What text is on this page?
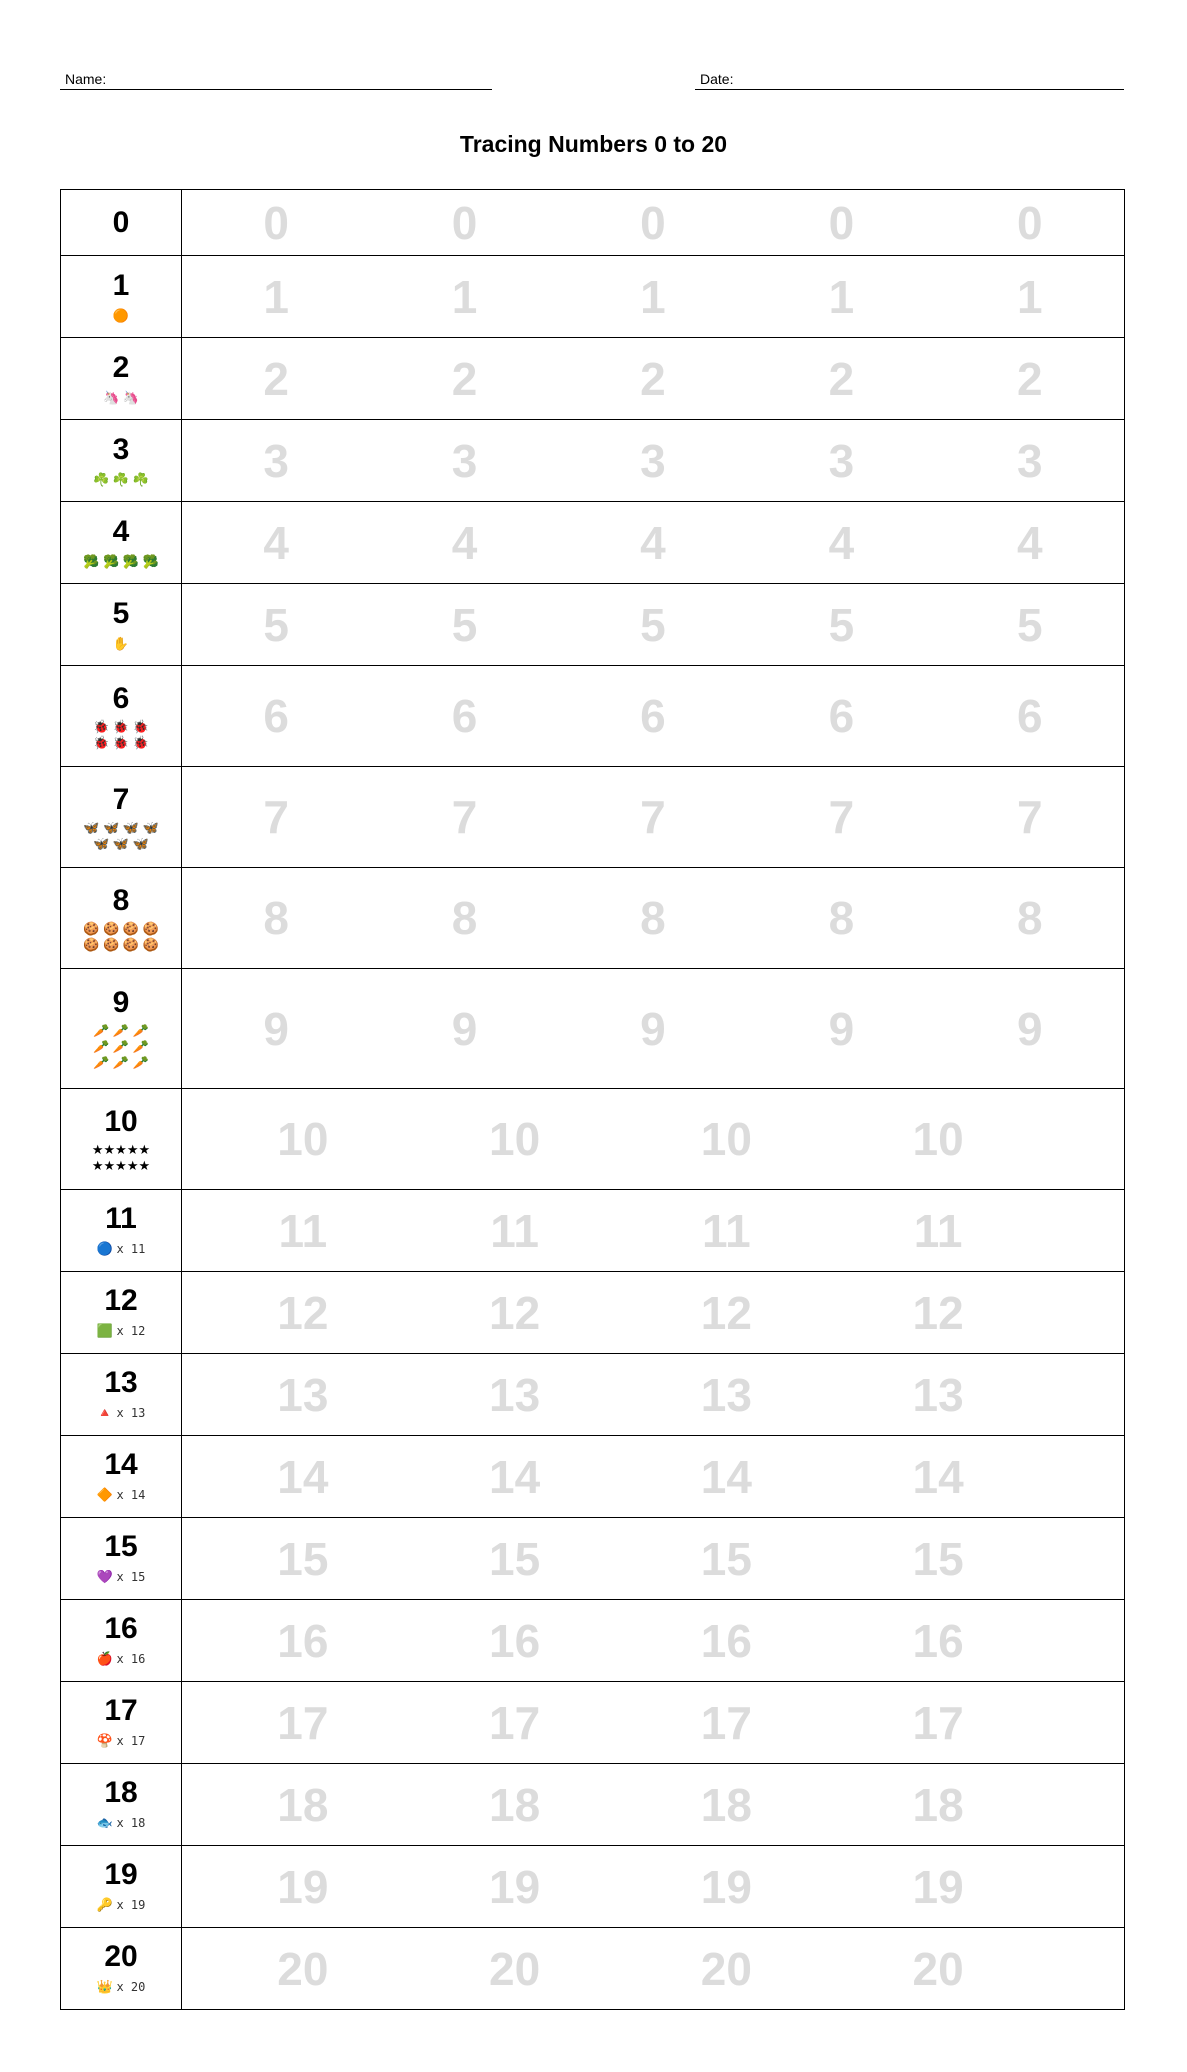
Name:	Date:
Tracing Numbers 0 to 20
0	0 0 0 0 0

1
🟠	1 1 1 1 1

2
🦄 🦄	2 2 2 2 2

3
☘️ ☘️ ☘️	3 3 3 3 3

4
🥦 🥦 🥦 🥦	4 4 4 4 4

5
✋	5 5 5 5 5

6
🐞 🐞 🐞
🐞 🐞 🐞	6 6 6 6 6

7
🦋 🦋 🦋 🦋
🦋 🦋 🦋	7 7 7 7 7

8
🍪 🍪 🍪 🍪
🍪 🍪 🍪 🍪	8 8 8 8 8

9
🥕 🥕 🥕
🥕 🥕 🥕
🥕 🥕 🥕	9 9 9 9 9

10
★★★★★
★★★★★	10 10 10 10

11
🔵 x 11	11 11 11 11

12
🟩 x 12	12 12 12 12

13
🔺 x 13	13 13 13 13

14
🔶 x 14	14 14 14 14

15
💜 x 15	15 15 15 15

16
🍎 x 16	16 16 16 16

17
🍄 x 17	17 17 17 17

18
🐟 x 18	18 18 18 18

19
🔑 x 19	19 19 19 19

20
👑 x 20	20 20 20 20
